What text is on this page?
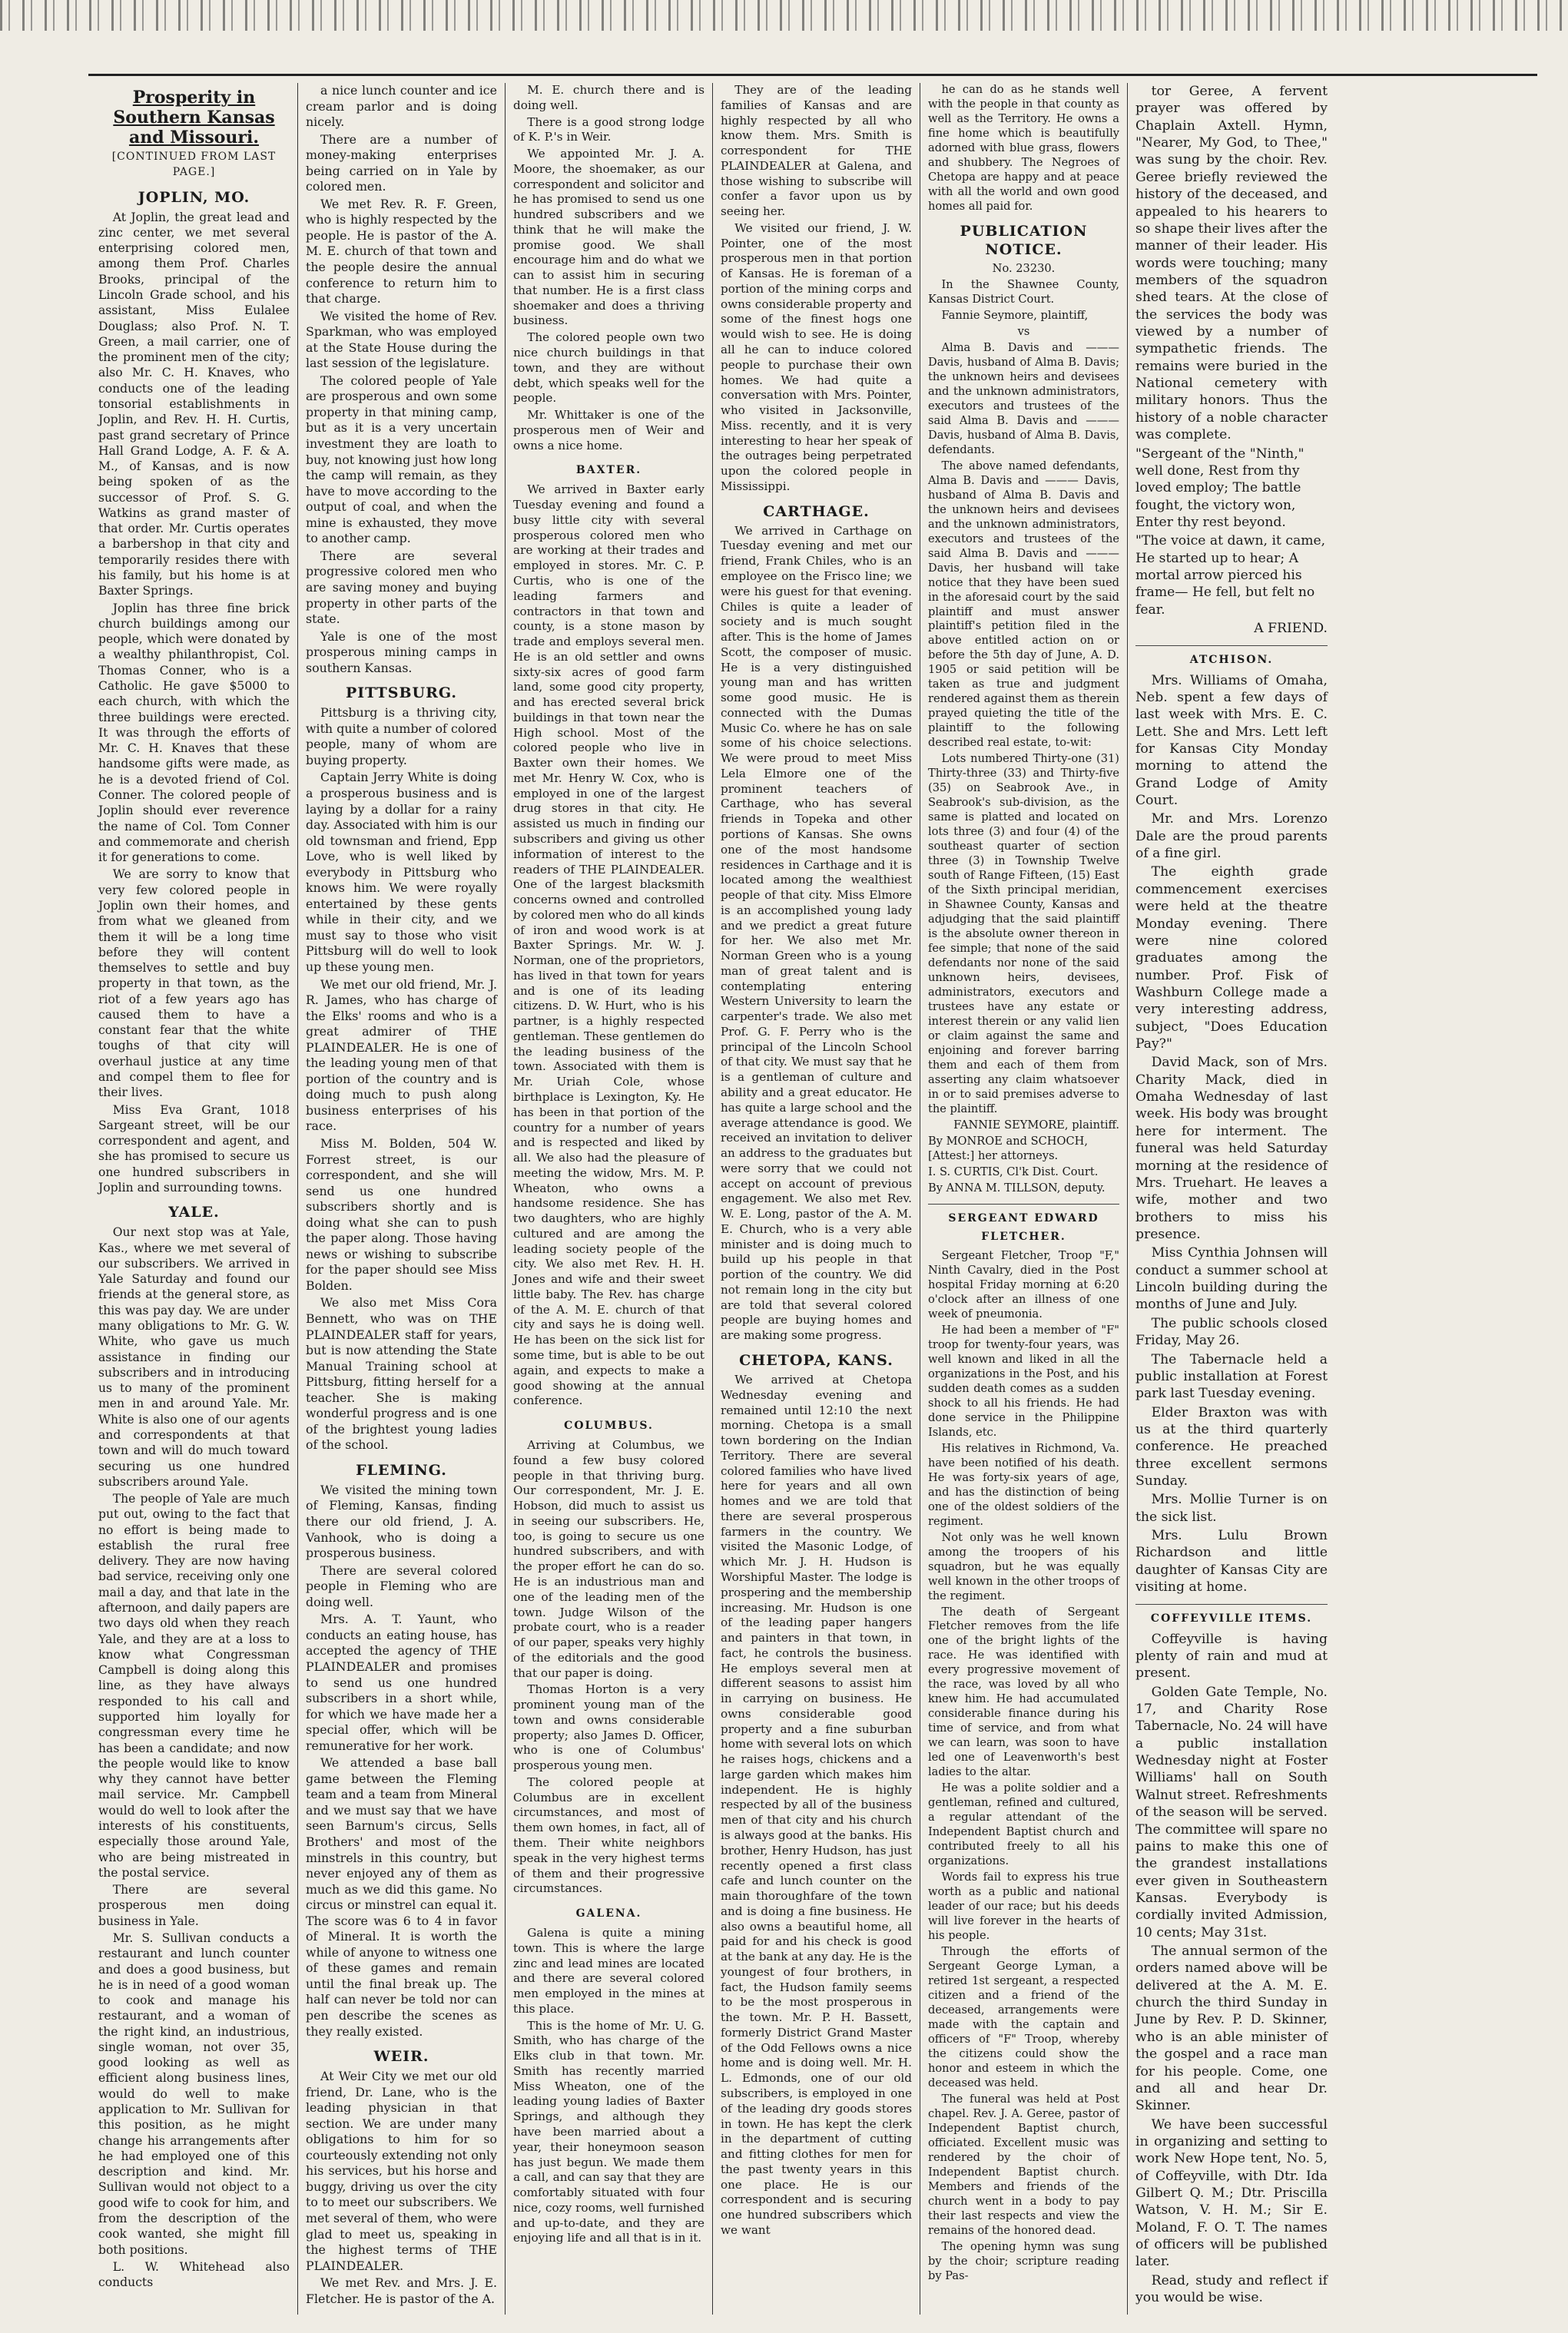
Prosperity in Southern Kansas and Missouri.
[CONTINUED FROM LAST PAGE.]
JOPLIN, MO.

At Joplin, the great lead and zinc center, we met several enterprising colored men, among them Prof. Charles Brooks, principal of the Lincoln Grade school, and his assistant, Miss Eulalee Douglass; also Prof. N. T. Green, a mail carrier, one of the prominent men of the city; also Mr. C. H. Knaves, who conducts one of the leading tonsorial establishments in Joplin, and Rev. H. H. Curtis, past grand secretary of Prince Hall Grand Lodge, A. F. & A. M., of Kansas, and is now being spoken of as the successor of Prof. S. G. Watkins as grand master of that order. Mr. Curtis operates a barbershop in that city and temporarily resides there with his family, but his home is at Baxter Springs.

Joplin has three fine brick church buildings among our people, which were donated by a wealthy philanthropist, Col. Thomas Conner, who is a Catholic. He gave $5000 to each church, with which the three buildings were erected. It was through the efforts of Mr. C. H. Knaves that these handsome gifts were made, as he is a devoted friend of Col. Conner. The colored people of Joplin should ever reverence the name of Col. Tom Conner and commemorate and cherish it for generations to come.

We are sorry to know that very few colored people in Joplin own their homes, and from what we gleaned from them it will be a long time before they will content themselves to settle and buy property in that town, as the riot of a few years ago has caused them to have a constant fear that the white toughs of that city will overhaul justice at any time and compel them to flee for their lives.

Miss Eva Grant, 1018 Sargeant street, will be our correspondent and agent, and she has promised to secure us one hundred subscribers in Joplin and surrounding towns.

YALE.

Our next stop was at Yale, Kas., where we met several of our subscribers. We arrived in Yale Saturday and found our friends at the general store, as this was pay day. We are under many obligations to Mr. G. W. White, who gave us much assistance in finding our subscribers and in introducing us to many of the prominent men in and around Yale. Mr. White is also one of our agents and correspondents at that town and will do much toward securing us one hundred subscribers around Yale.

The people of Yale are much put out, owing to the fact that no effort is being made to establish the rural free delivery. They are now having bad service, receiving only one mail a day, and that late in the afternoon, and daily papers are two days old when they reach Yale, and they are at a loss to know what Congressman Campbell is doing along this line, as they have always responded to his call and supported him loyally for congressman every time he has been a candidate; and now the people would like to know why they cannot have better mail service. Mr. Campbell would do well to look after the interests of his constituents, especially those around Yale, who are being mistreated in the postal service.

There are several prosperous men doing business in Yale.

Mr. S. Sullivan conducts a restaurant and lunch counter and does a good business, but he is in need of a good woman to cook and manage his restaurant, and a woman of the right kind, an industrious, single woman, not over 35, good looking as well as efficient along business lines, would do well to make application to Mr. Sullivan for this position, as he might change his arrangements after he had employed one of this description and kind. Mr. Sullivan would not object to a good wife to cook for him, and from the description of the cook wanted, she might fill both positions.

L. W. Whitehead also conducts

a nice lunch counter and ice cream parlor and is doing nicely.

There are a number of money-making enterprises being carried on in Yale by colored men.

We met Rev. R. F. Green, who is highly respected by the people. He is pastor of the A. M. E. church of that town and the people desire the annual conference to return him to that charge.

We visited the home of Rev. Sparkman, who was employed at the State House during the last session of the legislature.

The colored people of Yale are prosperous and own some property in that mining camp, but as it is a very uncertain investment they are loath to buy, not knowing just how long the camp will remain, as they have to move according to the output of coal, and when the mine is exhausted, they move to another camp.

There are several progressive colored men who are saving money and buying property in other parts of the state.

Yale is one of the most prosperous mining camps in southern Kansas.

PITTSBURG.

Pittsburg is a thriving city, with quite a number of colored people, many of whom are buying property.

Captain Jerry White is doing a prosperous business and is laying by a dollar for a rainy day. Associated with him is our old townsman and friend, Epp Love, who is well liked by everybody in Pittsburg who knows him. We were royally entertained by these gents while in their city, and we must say to those who visit Pittsburg will do well to look up these young men.

We met our old friend, Mr. J. R. James, who has charge of the Elks' rooms and who is a great admirer of THE PLAINDEALER. He is one of the leading young men of that portion of the country and is doing much to push along business enterprises of his race.

Miss M. Bolden, 504 W. Forrest street, is our correspondent, and she will send us one hundred subscribers shortly and is doing what she can to push the paper along. Those having news or wishing to subscribe for the paper should see Miss Bolden.

We also met Miss Cora Bennett, who was on THE PLAINDEALER staff for years, but is now attending the State Manual Training school at Pittsburg, fitting herself for a teacher. She is making wonderful progress and is one of the brightest young ladies of the school.

FLEMING.

We visited the mining town of Fleming, Kansas, finding there our old friend, J. A. Vanhook, who is doing a prosperous business.

There are several colored people in Fleming who are doing well.

Mrs. A. T. Yaunt, who conducts an eating house, has accepted the agency of THE PLAINDEALER and promises to send us one hundred subscribers in a short while, for which we have made her a special offer, which will be remunerative for her work.

We attended a base ball game between the Fleming team and a team from Mineral and we must say that we have seen Barnum's circus, Sells Brothers' and most of the minstrels in this country, but never enjoyed any of them as much as we did this game. No circus or minstrel can equal it. The score was 6 to 4 in favor of Mineral. It is worth the while of anyone to witness one of these games and remain until the final break up. The half can never be told nor can pen describe the scenes as they really existed.

WEIR.

At Weir City we met our old friend, Dr. Lane, who is the leading physician in that section. We are under many obligations to him for so courteously extending not only his services, but his horse and buggy, driving us over the city to to meet our subscribers. We met several of them, who were glad to meet us, speaking in the highest terms of THE PLAINDEALER.

We met Rev. and Mrs. J. E. Fletcher. He is pastor of the A.

M. E. church there and is doing well.

There is a good strong lodge of K. P.'s in Weir.

We appointed Mr. J. A. Moore, the shoemaker, as our correspondent and solicitor and he has promised to send us one hundred subscribers and we think that he will make the promise good. We shall encourage him and do what we can to assist him in securing that number. He is a first class shoemaker and does a thriving business.

The colored people own two nice church buildings in that town, and they are without debt, which speaks well for the people.

Mr. Whittaker is one of the prosperous men of Weir and owns a nice home.

BAXTER.

We arrived in Baxter early Tuesday evening and found a busy little city with several prosperous colored men who are working at their trades and employed in stores. Mr. C. P. Curtis, who is one of the leading farmers and contractors in that town and county, is a stone mason by trade and employs several men. He is an old settler and owns sixty-six acres of good farm land, some good city property, and has erected several brick buildings in that town near the High school. Most of the colored people who live in Baxter own their homes. We met Mr. Henry W. Cox, who is employed in one of the largest drug stores in that city. He assisted us much in finding our subscribers and giving us other information of interest to the readers of THE PLAINDEALER. One of the largest blacksmith concerns owned and controlled by colored men who do all kinds of iron and wood work is at Baxter Springs. Mr. W. J. Norman, one of the proprietors, has lived in that town for years and is one of its leading citizens. D. W. Hurt, who is his partner, is a highly respected gentleman. These gentlemen do the leading business of the town. Associated with them is Mr. Uriah Cole, whose birthplace is Lexington, Ky. He has been in that portion of the country for a number of years and is respected and liked by all. We also had the pleasure of meeting the widow, Mrs. M. P. Wheaton, who owns a handsome residence. She has two daughters, who are highly cultured and are among the leading society people of the city. We also met Rev. H. H. Jones and wife and their sweet little baby. The Rev. has charge of the A. M. E. church of that city and says he is doing well. He has been on the sick list for some time, but is able to be out again, and expects to make a good showing at the annual conference.

COLUMBUS.

Arriving at Columbus, we found a few busy colored people in that thriving burg. Our correspondent, Mr. J. E. Hobson, did much to assist us in seeing our subscribers. He, too, is going to secure us one hundred subscribers, and with the proper effort he can do so. He is an industrious man and one of the leading men of the town. Judge Wilson of the probate court, who is a reader of our paper, speaks very highly of the editorials and the good that our paper is doing.

Thomas Horton is a very prominent young man of the town and owns considerable property; also James D. Officer, who is one of Columbus' prosperous young men.

The colored people at Columbus are in excellent circumstances, and most of them own homes, in fact, all of them. Their white neighbors speak in the very highest terms of them and their progressive circumstances.

GALENA.

Galena is quite a mining town. This is where the large zinc and lead mines are located and there are several colored men employed in the mines at this place.

This is the home of Mr. U. G. Smith, who has charge of the Elks club in that town. Mr. Smith has recently married Miss Wheaton, one of the leading young ladies of Baxter Springs, and although they have been married about a year, their honeymoon season has just begun. We made them a call, and can say that they are comfortably situated with four nice, cozy rooms, well furnished and up-to-date, and they are enjoying life and all that is in it.

They are of the leading families of Kansas and are highly respected by all who know them. Mrs. Smith is correspondent for THE PLAINDEALER at Galena, and those wishing to subscribe will confer a favor upon us by seeing her.

We visited our friend, J. W. Pointer, one of the most prosperous men in that portion of Kansas. He is foreman of a portion of the mining corps and owns considerable property and some of the finest hogs one would wish to see. He is doing all he can to induce colored people to purchase their own homes. We had quite a conversation with Mrs. Pointer, who visited in Jacksonville, Miss. recently, and it is very interesting to hear her speak of the outrages being perpetrated upon the colored people in Mississippi.

CARTHAGE.

We arrived in Carthage on Tuesday evening and met our friend, Frank Chiles, who is an employee on the Frisco line; we were his guest for that evening. Chiles is quite a leader of society and is much sought after. This is the home of James Scott, the composer of music. He is a very distinguished young man and has written some good music. He is connected with the Dumas Music Co. where he has on sale some of his choice selections. We were proud to meet Miss Lela Elmore one of the prominent teachers of Carthage, who has several friends in Topeka and other portions of Kansas. She owns one of the most handsome residences in Carthage and it is located among the wealthiest people of that city. Miss Elmore is an accomplished young lady and we predict a great future for her. We also met Mr. Norman Green who is a young man of great talent and is contemplating entering Western University to learn the carpenter's trade. We also met Prof. G. F. Perry who is the principal of the Lincoln School of that city. We must say that he is a gentleman of culture and ability and a great educator. He has quite a large school and the average attendance is good. We received an invitation to deliver an address to the graduates but were sorry that we could not accept on account of previous engagement. We also met Rev. W. E. Long, pastor of the A. M. E. Church, who is a very able minister and is doing much to build up his people in that portion of the country. We did not remain long in the city but are told that several colored people are buying homes and are making some progress.

CHETOPA, KANS.

We arrived at Chetopa Wednesday evening and remained until 12:10 the next morning. Chetopa is a small town bordering on the Indian Territory. There are several colored families who have lived here for years and all own homes and we are told that there are several prosperous farmers in the country. We visited the Masonic Lodge, of which Mr. J. H. Hudson is Worshipful Master. The lodge is prospering and the membership increasing. Mr. Hudson is one of the leading paper hangers and painters in that town, in fact, he controls the business. He employs several men at different seasons to assist him in carrying on business. He owns considerable good property and a fine suburban home with several lots on which he raises hogs, chickens and a large garden which makes him independent. He is highly respected by all of the business men of that city and his church is always good at the banks. His brother, Henry Hudson, has just recently opened a first class cafe and lunch counter on the main thoroughfare of the town and is doing a fine business. He also owns a beautiful home, all paid for and his check is good at the bank at any day. He is the youngest of four brothers, in fact, the Hudson family seems to be the most prosperous in the town. Mr. P. H. Bassett, formerly District Grand Master of the Odd Fellows owns a nice home and is doing well. Mr. H. L. Edmonds, one of our old subscribers, is employed in one of the leading dry goods stores in town. He has kept the clerk in the department of cutting and fitting clothes for men for the past twenty years in this one place. He is our correspondent and is securing one hundred subscribers which we want

he can do as he stands well with the people in that county as well as the Territory. He owns a fine home which is beautifully adorned with blue grass, flowers and shubbery. The Negroes of Chetopa are happy and at peace with all the world and own good homes all paid for.

PUBLICATION NOTICE.

No. 23230.

In the Shawnee County, Kansas District Court.

Fannie Seymore, plaintiff,

vs

Alma B. Davis and ——— Davis, husband of Alma B. Davis; the unknown heirs and devisees and the unknown administrators, executors and trustees of the said Alma B. Davis and ——— Davis, husband of Alma B. Davis, defendants.

The above named defendants, Alma B. Davis and ——— Davis, husband of Alma B. Davis and the unknown heirs and devisees and the unknown administrators, executors and trustees of the said Alma B. Davis and ——— Davis, her husband will take notice that they have been sued in the aforesaid court by the said plaintiff and must answer plaintiff's petition filed in the above entitled action on or before the 5th day of June, A. D. 1905 or said petition will be taken as true and judgment rendered against them as therein prayed quieting the title of the plaintiff to the following described real estate, to-wit:

Lots numbered Thirty-one (31) Thirty-three (33) and Thirty-five (35) on Seabrook Ave., in Seabrook's sub-division, as the same is platted and located on lots three (3) and four (4) of the southeast quarter of section three (3) in Township Twelve south of Range Fifteen, (15) East of the Sixth principal meridian, in Shawnee County, Kansas and adjudging that the said plaintiff is the absolute owner thereon in fee simple; that none of the said defendants nor none of the said unknown heirs, devisees, administrators, executors and trustees have any estate or interest therein or any valid lien or claim against the same and enjoining and forever barring them and each of them from asserting any claim whatsoever in or to said premises adverse to the plaintiff.

FANNIE SEYMORE, plaintiff.

By MONROE and SCHOCH, [Attest:] her attorneys.

I. S. CURTIS, Cl'k Dist. Court.

By ANNA M. TILLSON, deputy.

SERGEANT EDWARD FLETCHER.

Sergeant Fletcher, Troop "F," Ninth Cavalry, died in the Post hospital Friday morning at 6:20 o'clock after an illness of one week of pneumonia.

He had been a member of "F" troop for twenty-four years, was well known and liked in all the organizations in the Post, and his sudden death comes as a sudden shock to all his friends. He had done service in the Philippine Islands, etc.

His relatives in Richmond, Va. have been notified of his death. He was forty-six years of age, and has the distinction of being one of the oldest soldiers of the regiment.

Not only was he well known among the troopers of his squadron, but he was equally well known in the other troops of the regiment.

The death of Sergeant Fletcher removes from the life one of the bright lights of the race. He was identified with every progressive movement of the race, was loved by all who knew him. He had accumulated considerable finance during his time of service, and from what we can learn, was soon to have led one of Leavenworth's best ladies to the altar.

He was a polite soldier and a gentleman, refined and cultured, a regular attendant of the Independent Baptist church and contributed freely to all his organizations.

Words fail to express his true worth as a public and national leader of our race; but his deeds will live forever in the hearts of his people.

Through the efforts of Sergeant George Lyman, a retired 1st sergeant, a respected citizen and a friend of the deceased, arrangements were made with the captain and officers of "F" Troop, whereby the citizens could show the honor and esteem in which the deceased was held.

The funeral was held at Post chapel. Rev. J. A. Geree, pastor of Independent Baptist church, officiated. Excellent music was rendered by the choir of Independent Baptist church. Members and friends of the church went in a body to pay their last respects and view the remains of the honored dead.

The opening hymn was sung by the choir; scripture reading by Pas-

tor Geree, A fervent prayer was offered by Chaplain Axtell. Hymn, "Nearer, My God, to Thee," was sung by the choir. Rev. Geree briefly reviewed the history of the deceased, and appealed to his hearers to so shape their lives after the manner of their leader. His words were touching; many members of the squadron shed tears. At the close of the services the body was viewed by a number of sympathetic friends. The remains were buried in the National cemetery with military honors. Thus the history of a noble character was complete.

"Sergeant of the "Ninth," well done, Rest from thy loved employ; The battle fought, the victory won, Enter thy rest beyond.

"The voice at dawn, it came, He started up to hear; A mortal arrow pierced his frame— He fell, but felt no fear.

A FRIEND.

ATCHISON.

Mrs. Williams of Omaha, Neb. spent a few days of last week with Mrs. E. C. Lett. She and Mrs. Lett left for Kansas City Monday morning to attend the Grand Lodge of Amity Court.

Mr. and Mrs. Lorenzo Dale are the proud parents of a fine girl.

The eighth grade commencement exercises were held at the theatre Monday evening. There were nine colored graduates among the number. Prof. Fisk of Washburn College made a very interesting address, subject, "Does Education Pay?"

David Mack, son of Mrs. Charity Mack, died in Omaha Wednesday of last week. His body was brought here for interment. The funeral was held Saturday morning at the residence of Mrs. Truehart. He leaves a wife, mother and two brothers to miss his presence.

Miss Cynthia Johnsen will conduct a summer school at Lincoln building during the months of June and July.

The public schools closed Friday, May 26.

The Tabernacle held a public installation at Forest park last Tuesday evening.

Elder Braxton was with us at the third quarterly conference. He preached three excellent sermons Sunday.

Mrs. Mollie Turner is on the sick list.

Mrs. Lulu Brown Richardson and little daughter of Kansas City are visiting at home.

COFFEYVILLE ITEMS.

Coffeyville is having plenty of rain and mud at present.

Golden Gate Temple, No. 17, and Charity Rose Tabernacle, No. 24 will have a public installation Wednesday night at Foster Williams' hall on South Walnut street. Refreshments of the season will be served. The committee will spare no pains to make this one of the grandest installations ever given in Southeastern Kansas. Everybody is cordially invited Admission, 10 cents; May 31st.

The annual sermon of the orders named above will be delivered at the A. M. E. church the third Sunday in June by Rev. P. D. Skinner, who is an able minister of the gospel and a race man for his people. Come, one and all and hear Dr. Skinner.

We have been successful in organizing and setting to work New Hope tent, No. 5, of Coffeyville, with Dtr. Ida Gilbert Q. M.; Dtr. Priscilla Watson, V. H. M.; Sir E. Moland, F. O. T. The names of officers will be published later.

Read, study and reflect if you would be wise.
